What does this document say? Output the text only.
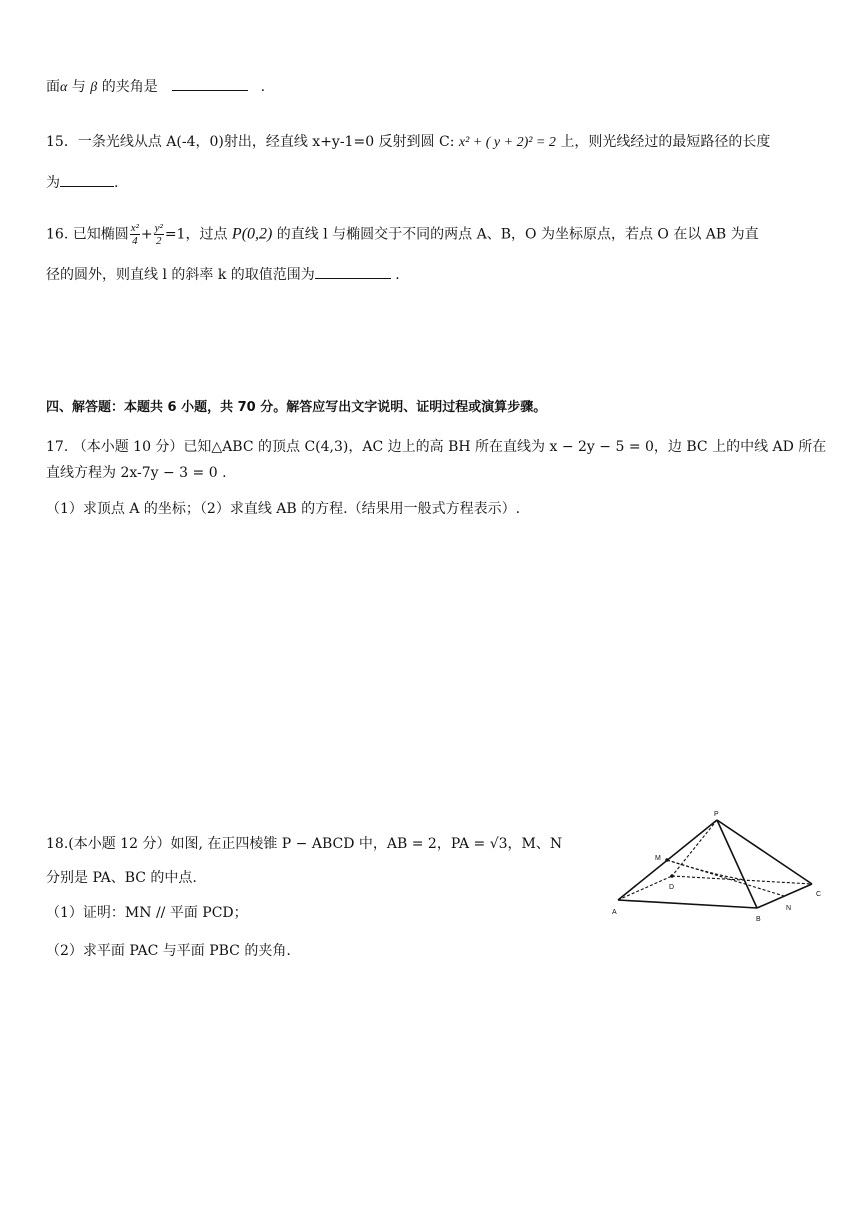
面α 与 β 的夹角是	.
15．一条光线从点 A(-4，0)射出，经直线 x+y-1=0 反射到圆 C: x² + ( y + 2)² = 2 上，则光线经过的最短路径的长度
为	.
16. 已知椭圆 $\frac{\text{x²}}{4} + \frac{\text{y²}}{2} =1$，过点 P(0,2) 的直线 l 与椭圆交于不同的两点 A、B，O 为坐标原点，若点 O 在以 AB 为直
径的圆外，则直线 l 的斜率 k 的取值范围为	.
四、解答题：本题共 6 小题，共 70 分。解答应写出文字说明、证明过程或演算步骤。
17. （本小题 10 分）已知△ABC 的顶点 C(4,3)，AC 边上的高 BH 所在直线为 x − 2y − 5 = 0，边 BC 上的中线 AD 所在
直线方程为 2x-7y − 3 = 0 .
（1）求顶点 A 的坐标；（2）求直线 AB 的方程.（结果用一般式方程表示）.
18.(本小题 12 分）如图, 在正四棱锥 P − ABCD 中，AB = 2，PA = √3，M、N
分别是 PA、BC 的中点.
（1）证明：MN // 平面 PCD；
（2）求平面 PAC 与平面 PBC 的夹角.
P
M
D
C
A
B
N
